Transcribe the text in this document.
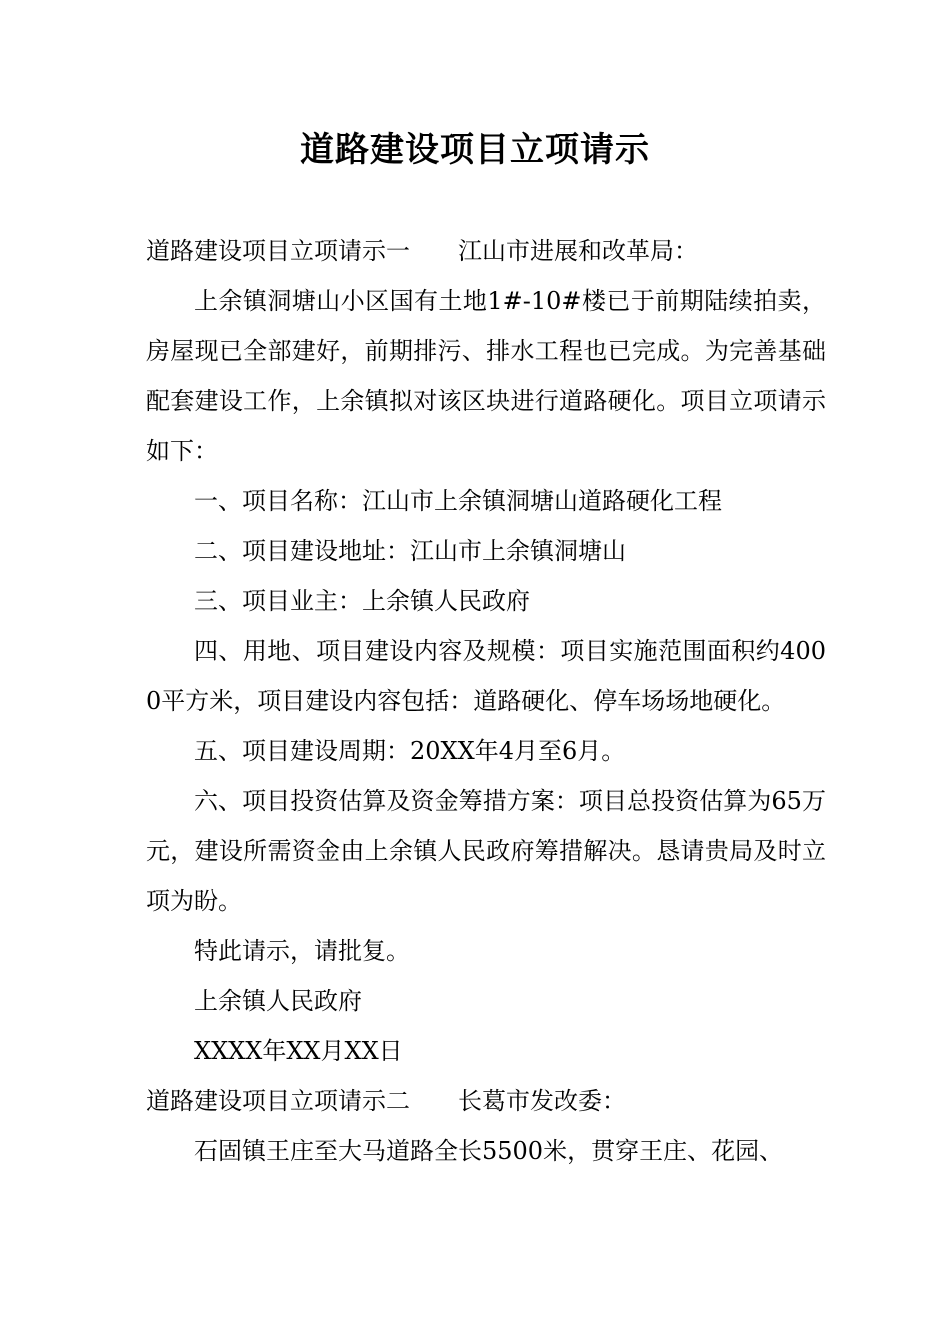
道路建设项目立项请示

道路建设项目立项请示一 江山市进展和改革局：

上余镇洞塘山小区国有土地1#-10#楼已于前期陆续拍卖，房屋现已全部建好，前期排污、排水工程也已完成。为完善基础配套建设工作，上余镇拟对该区块进行道路硬化。项目立项请示如下：

一、项目名称：江山市上余镇洞塘山道路硬化工程

二、项目建设地址：江山市上余镇洞塘山

三、项目业主：上余镇人民政府

四、用地、项目建设内容及规模：项目实施范围面积约4000平方米，项目建设内容包括：道路硬化、停车场场地硬化。

五、项目建设周期：20XX年4月至6月。

六、项目投资估算及资金筹措方案：项目总投资估算为65万元，建设所需资金由上余镇人民政府筹措解决。恳请贵局及时立项为盼。

特此请示，请批复。

上余镇人民政府

XXXX年XX月XX日

道路建设项目立项请示二 长葛市发改委：

石固镇王庄至大马道路全长5500米，贯穿王庄、花园、
